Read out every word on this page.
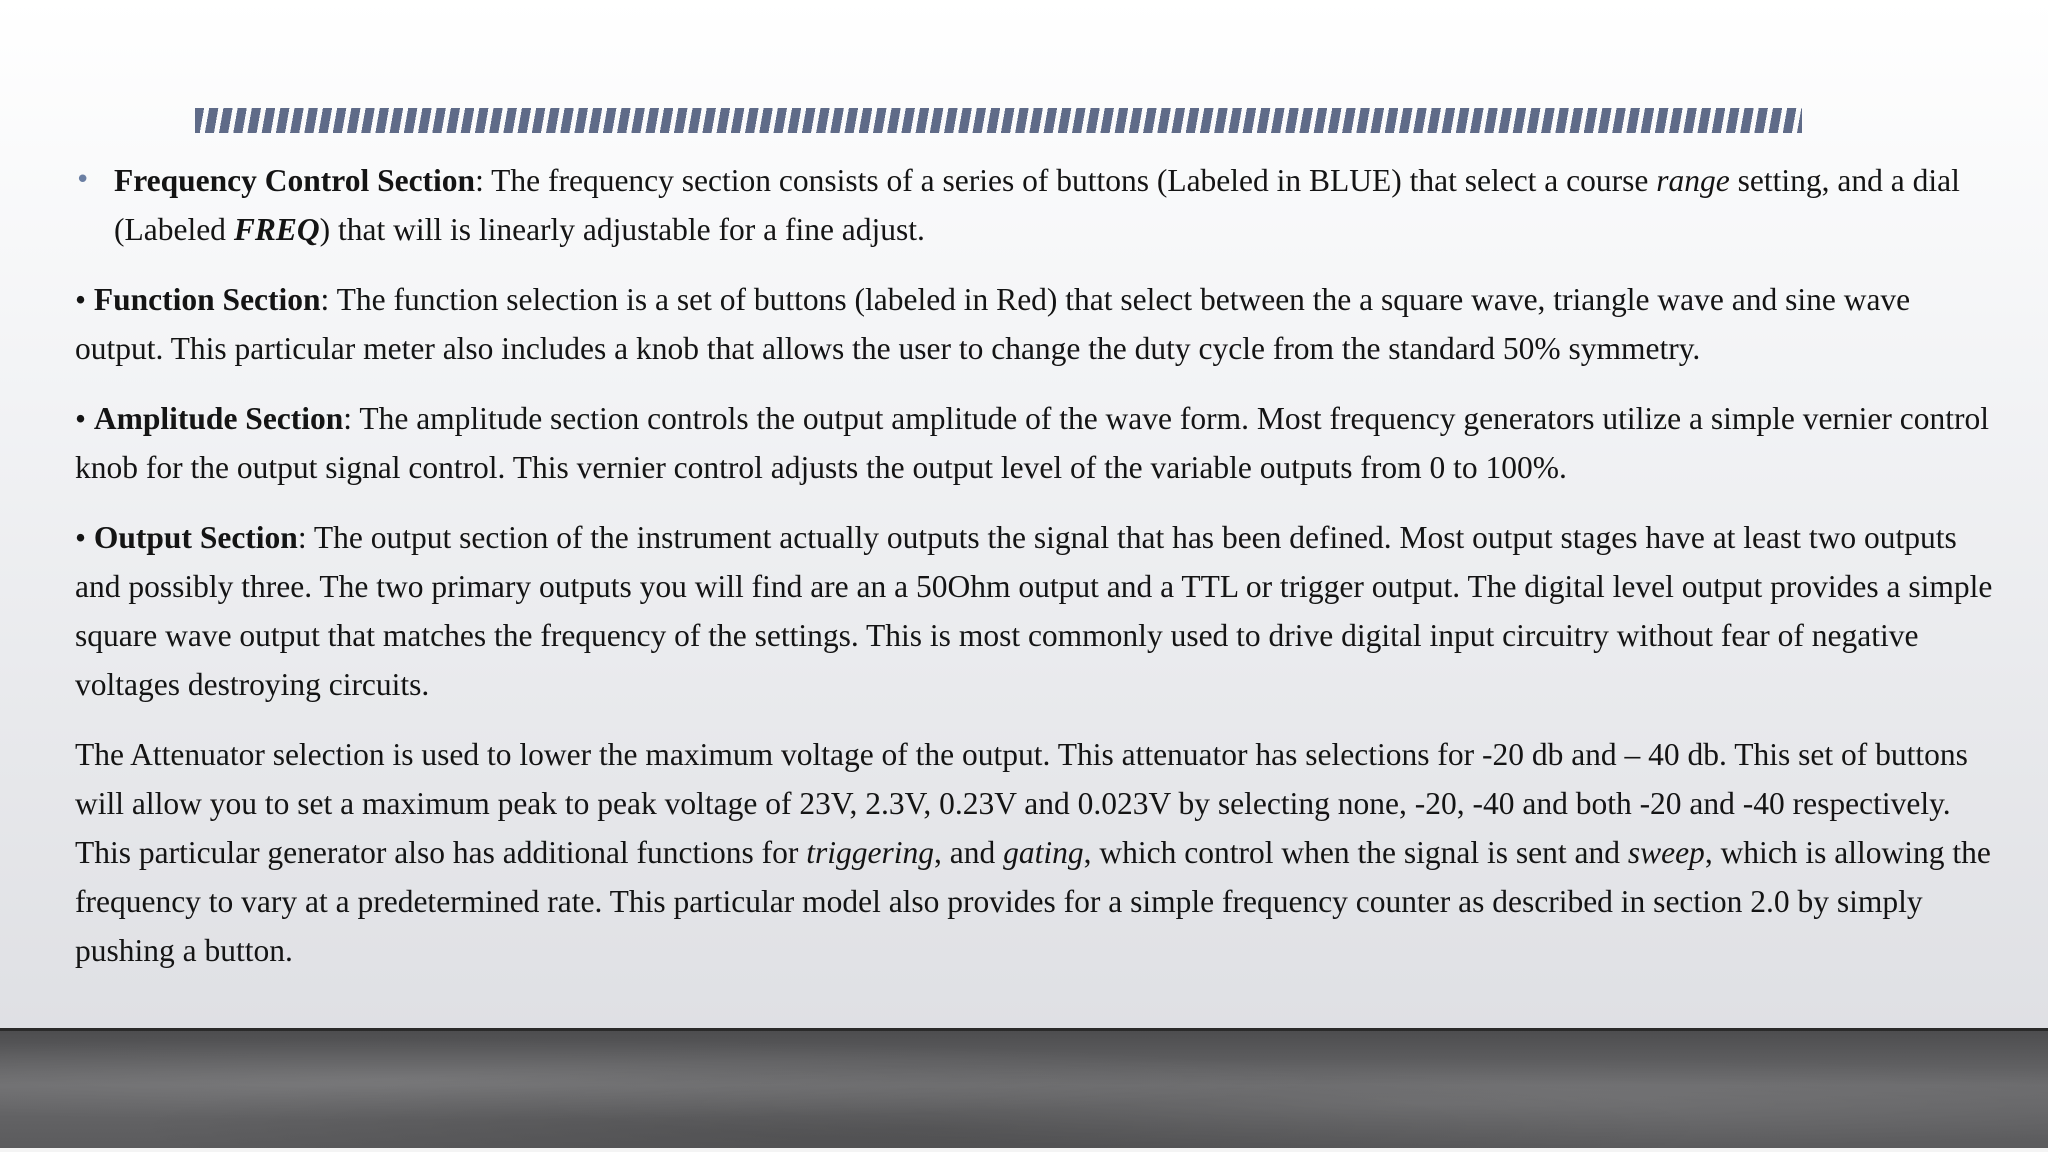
• Frequency Control Section: The frequency section consists of a series of buttons (Labeled in BLUE) that select a course range setting, and a dial (Labeled FREQ) that will is linearly adjustable for a fine adjust.

• Function Section: The function selection is a set of buttons (labeled in Red) that select between the a square wave, triangle wave and sine wave output. This particular meter also includes a knob that allows the user to change the duty cycle from the standard 50% symmetry.

• Amplitude Section: The amplitude section controls the output amplitude of the wave form. Most frequency generators utilize a simple vernier control knob for the output signal control. This vernier control adjusts the output level of the variable outputs from 0 to 100%.

• Output Section: The output section of the instrument actually outputs the signal that has been defined. Most output stages have at least two outputs and possibly three. The two primary outputs you will find are an a 50Ohm output and a TTL or trigger output. The digital level output provides a simple square wave output that matches the frequency of the settings. This is most commonly used to drive digital input circuitry without fear of negative voltages destroying circuits.

The Attenuator selection is used to lower the maximum voltage of the output. This attenuator has selections for -20 db and – 40 db. This set of buttons will allow you to set a maximum peak to peak voltage of 23V, 2.3V, 0.23V and 0.023V by selecting none, -20, -40 and both -20 and -40 respectively. This particular generator also has additional functions for triggering, and gating, which control when the signal is sent and sweep, which is allowing the frequency to vary at a predetermined rate. This particular model also provides for a simple frequency counter as described in section 2.0 by simply pushing a button.
